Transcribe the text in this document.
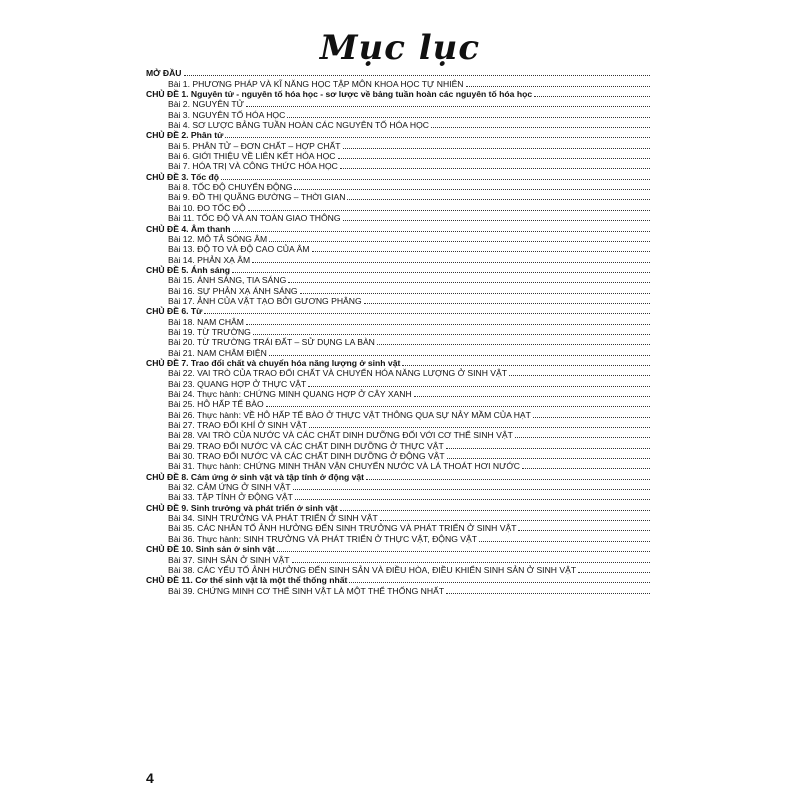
Mục lục
MỞ ĐẦU
Bài 1. PHƯƠNG PHÁP VÀ KĨ NĂNG HỌC TẬP MÔN KHOA HỌC TỰ NHIÊN
CHỦ ĐỀ 1. Nguyên tử - nguyên tố hóa học - sơ lược về bảng tuần hoàn các nguyên tố hóa học
Bài 2. NGUYÊN TỬ
Bài 3. NGUYÊN TỐ HÓA HỌC
Bài 4. SƠ LƯỢC BẢNG TUẦN HOÀN CÁC NGUYÊN TỐ HÓA HỌC
CHỦ ĐỀ 2. Phân tử
Bài 5. PHÂN TỬ – ĐƠN CHẤT – HỢP CHẤT
Bài 6. GIỚI THIỆU VỀ LIÊN KẾT HÓA HỌC
Bài 7. HÓA TRỊ VÀ CÔNG THỨC HÓA HỌC
CHỦ ĐỀ 3. Tốc độ
Bài 8. TỐC ĐỘ CHUYỂN ĐỘNG
Bài 9. ĐỒ THỊ QUÃNG ĐƯỜNG – THỜI GIAN
Bài 10. ĐO TỐC ĐỘ
Bài 11. TỐC ĐỘ VÀ AN TOÀN GIAO THÔNG
CHỦ ĐỀ 4. Âm thanh
Bài 12. MÔ TẢ SÓNG ÂM
Bài 13. ĐỘ TO VÀ ĐỘ CAO CỦA ÂM
Bài 14. PHẢN XẠ ÂM
CHỦ ĐỀ 5. Ánh sáng
Bài 15. ÁNH SÁNG, TIA SÁNG
Bài 16. SỰ PHẢN XẠ ÁNH SÁNG
Bài 17. ẢNH CỦA VẬT TẠO BỞI GƯƠNG PHẲNG
CHỦ ĐỀ 6. Từ
Bài 18. NAM CHÂM
Bài 19. TỪ TRƯỜNG
Bài 20. TỪ TRƯỜNG TRÁI ĐẤT – SỬ DỤNG LA BÀN
Bài 21. NAM CHÂM ĐIỆN
CHỦ ĐỀ 7. Trao đổi chất và chuyển hóa năng lượng ở sinh vật
Bài 22. VAI TRÒ CỦA TRAO ĐỔI CHẤT VÀ CHUYỂN HÓA NĂNG LƯỢNG Ở SINH VẬT
Bài 23. QUANG HỢP Ở THỰC VẬT
Bài 24. Thực hành: CHỨNG MINH QUANG HỢP Ở CÂY XANH
Bài 25. HÔ HẤP TẾ BÀO
Bài 26. Thực hành: VỀ HÔ HẤP TẾ BÀO Ở THỰC VẬT THÔNG QUA SỰ NẢY MẦM CỦA HẠT
Bài 27. TRAO ĐỔI KHÍ Ở SINH VẬT
Bài 28. VAI TRÒ CỦA NƯỚC VÀ CÁC CHẤT DINH DƯỠNG ĐỐI VỚI CƠ THỂ SINH VẬT
Bài 29. TRAO ĐỔI NƯỚC VÀ CÁC CHẤT DINH DƯỠNG Ở THỰC VẬT
Bài 30. TRAO ĐỔI NƯỚC VÀ CÁC CHẤT DINH DƯỠNG Ở ĐỘNG VẬT
Bài 31. Thực hành: CHỨNG MINH THÂN VẬN CHUYỂN NƯỚC VÀ LÁ THOÁT HƠI NƯỚC
CHỦ ĐỀ 8. Cảm ứng ở sinh vật và tập tính ở động vật
Bài 32. CẢM ỨNG Ở SINH VẬT
Bài 33. TẬP TÍNH Ở ĐỘNG VẬT
CHỦ ĐỀ 9. Sinh trưởng và phát triển ở sinh vật
Bài 34. SINH TRƯỞNG VÀ PHÁT TRIỂN Ở SINH VẬT
Bài 35. CÁC NHÂN TỐ ẢNH HƯỞNG ĐẾN SINH TRƯỞNG VÀ PHÁT TRIỂN Ở SINH VẬT
Bài 36. Thực hành: SINH TRƯỞNG VÀ PHÁT TRIỂN Ở THỰC VẬT, ĐỘNG VẬT
CHỦ ĐỀ 10. Sinh sản ở sinh vật
Bài 37. SINH SẢN Ở SINH VẬT
Bài 38. CÁC YẾU TỐ ẢNH HƯỞNG ĐẾN SINH SẢN VÀ ĐIỀU HÒA, ĐIỀU KHIỂN SINH SẢN Ở SINH VẬT
CHỦ ĐỀ 11. Cơ thể sinh vật là một thể thống nhất
Bài 39. CHỨNG MINH CƠ THỂ SINH VẬT LÀ MỘT THỂ THỐNG NHẤT
4
